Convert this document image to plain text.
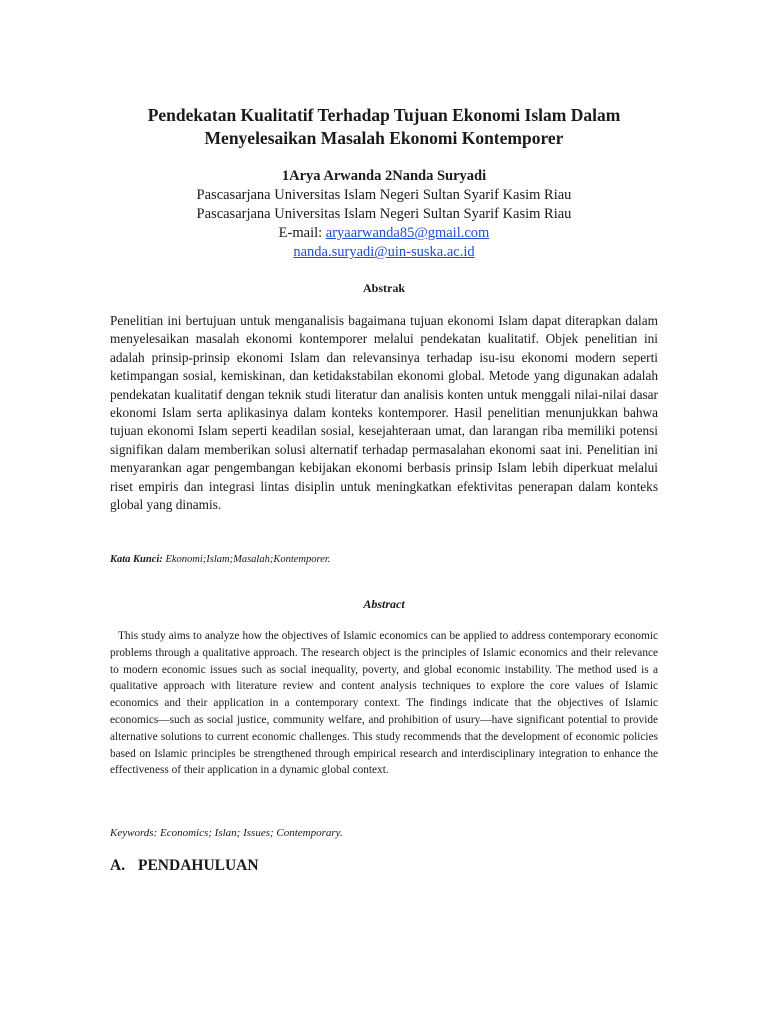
Pendekatan Kualitatif Terhadap Tujuan Ekonomi Islam Dalam
Menyelesaikan Masalah Ekonomi Kontemporer
1Arya Arwanda 2Nanda Suryadi
Pascasarjana Universitas Islam Negeri Sultan Syarif Kasim Riau
Pascasarjana Universitas Islam Negeri Sultan Syarif Kasim Riau
E-mail: aryaarwanda85@gmail.com
nanda.suryadi@uin-suska.ac.id
Abstrak

Penelitian ini bertujuan untuk menganalisis bagaimana tujuan ekonomi Islam dapat diterapkan dalam menyelesaikan masalah ekonomi kontemporer melalui pendekatan kualitatif. Objek penelitian ini adalah prinsip-prinsip ekonomi Islam dan relevansinya terhadap isu-isu ekonomi modern seperti ketimpangan sosial, kemiskinan, dan ketidakstabilan ekonomi global. Metode yang digunakan adalah pendekatan kualitatif dengan teknik studi literatur dan analisis konten untuk menggali nilai-nilai dasar ekonomi Islam serta aplikasinya dalam konteks kontemporer. Hasil penelitian menunjukkan bahwa tujuan ekonomi Islam seperti keadilan sosial, kesejahteraan umat, dan larangan riba memiliki potensi signifikan dalam memberikan solusi alternatif terhadap permasalahan ekonomi saat ini. Penelitian ini menyarankan agar pengembangan kebijakan ekonomi berbasis prinsip Islam lebih diperkuat melalui riset empiris dan integrasi lintas disiplin untuk meningkatkan efektivitas penerapan dalam konteks global yang dinamis.

Kata Kunci: Ekonomi;Islam;Masalah;Kontemporer.
Abstract

This study aims to analyze how the objectives of Islamic economics can be applied to address contemporary economic problems through a qualitative approach. The research object is the principles of Islamic economics and their relevance to modern economic issues such as social inequality, poverty, and global economic instability. The method used is a qualitative approach with literature review and content analysis techniques to explore the core values of Islamic economics and their application in a contemporary context. The findings indicate that the objectives of Islamic economics—such as social justice, community welfare, and prohibition of usury—have significant potential to provide alternative solutions to current economic challenges. This study recommends that the development of economic policies based on Islamic principles be strengthened through empirical research and interdisciplinary integration to enhance the effectiveness of their application in a dynamic global context.

Keywords: Economics; Islan; Issues; Contemporary.
A. PENDAHULUAN
